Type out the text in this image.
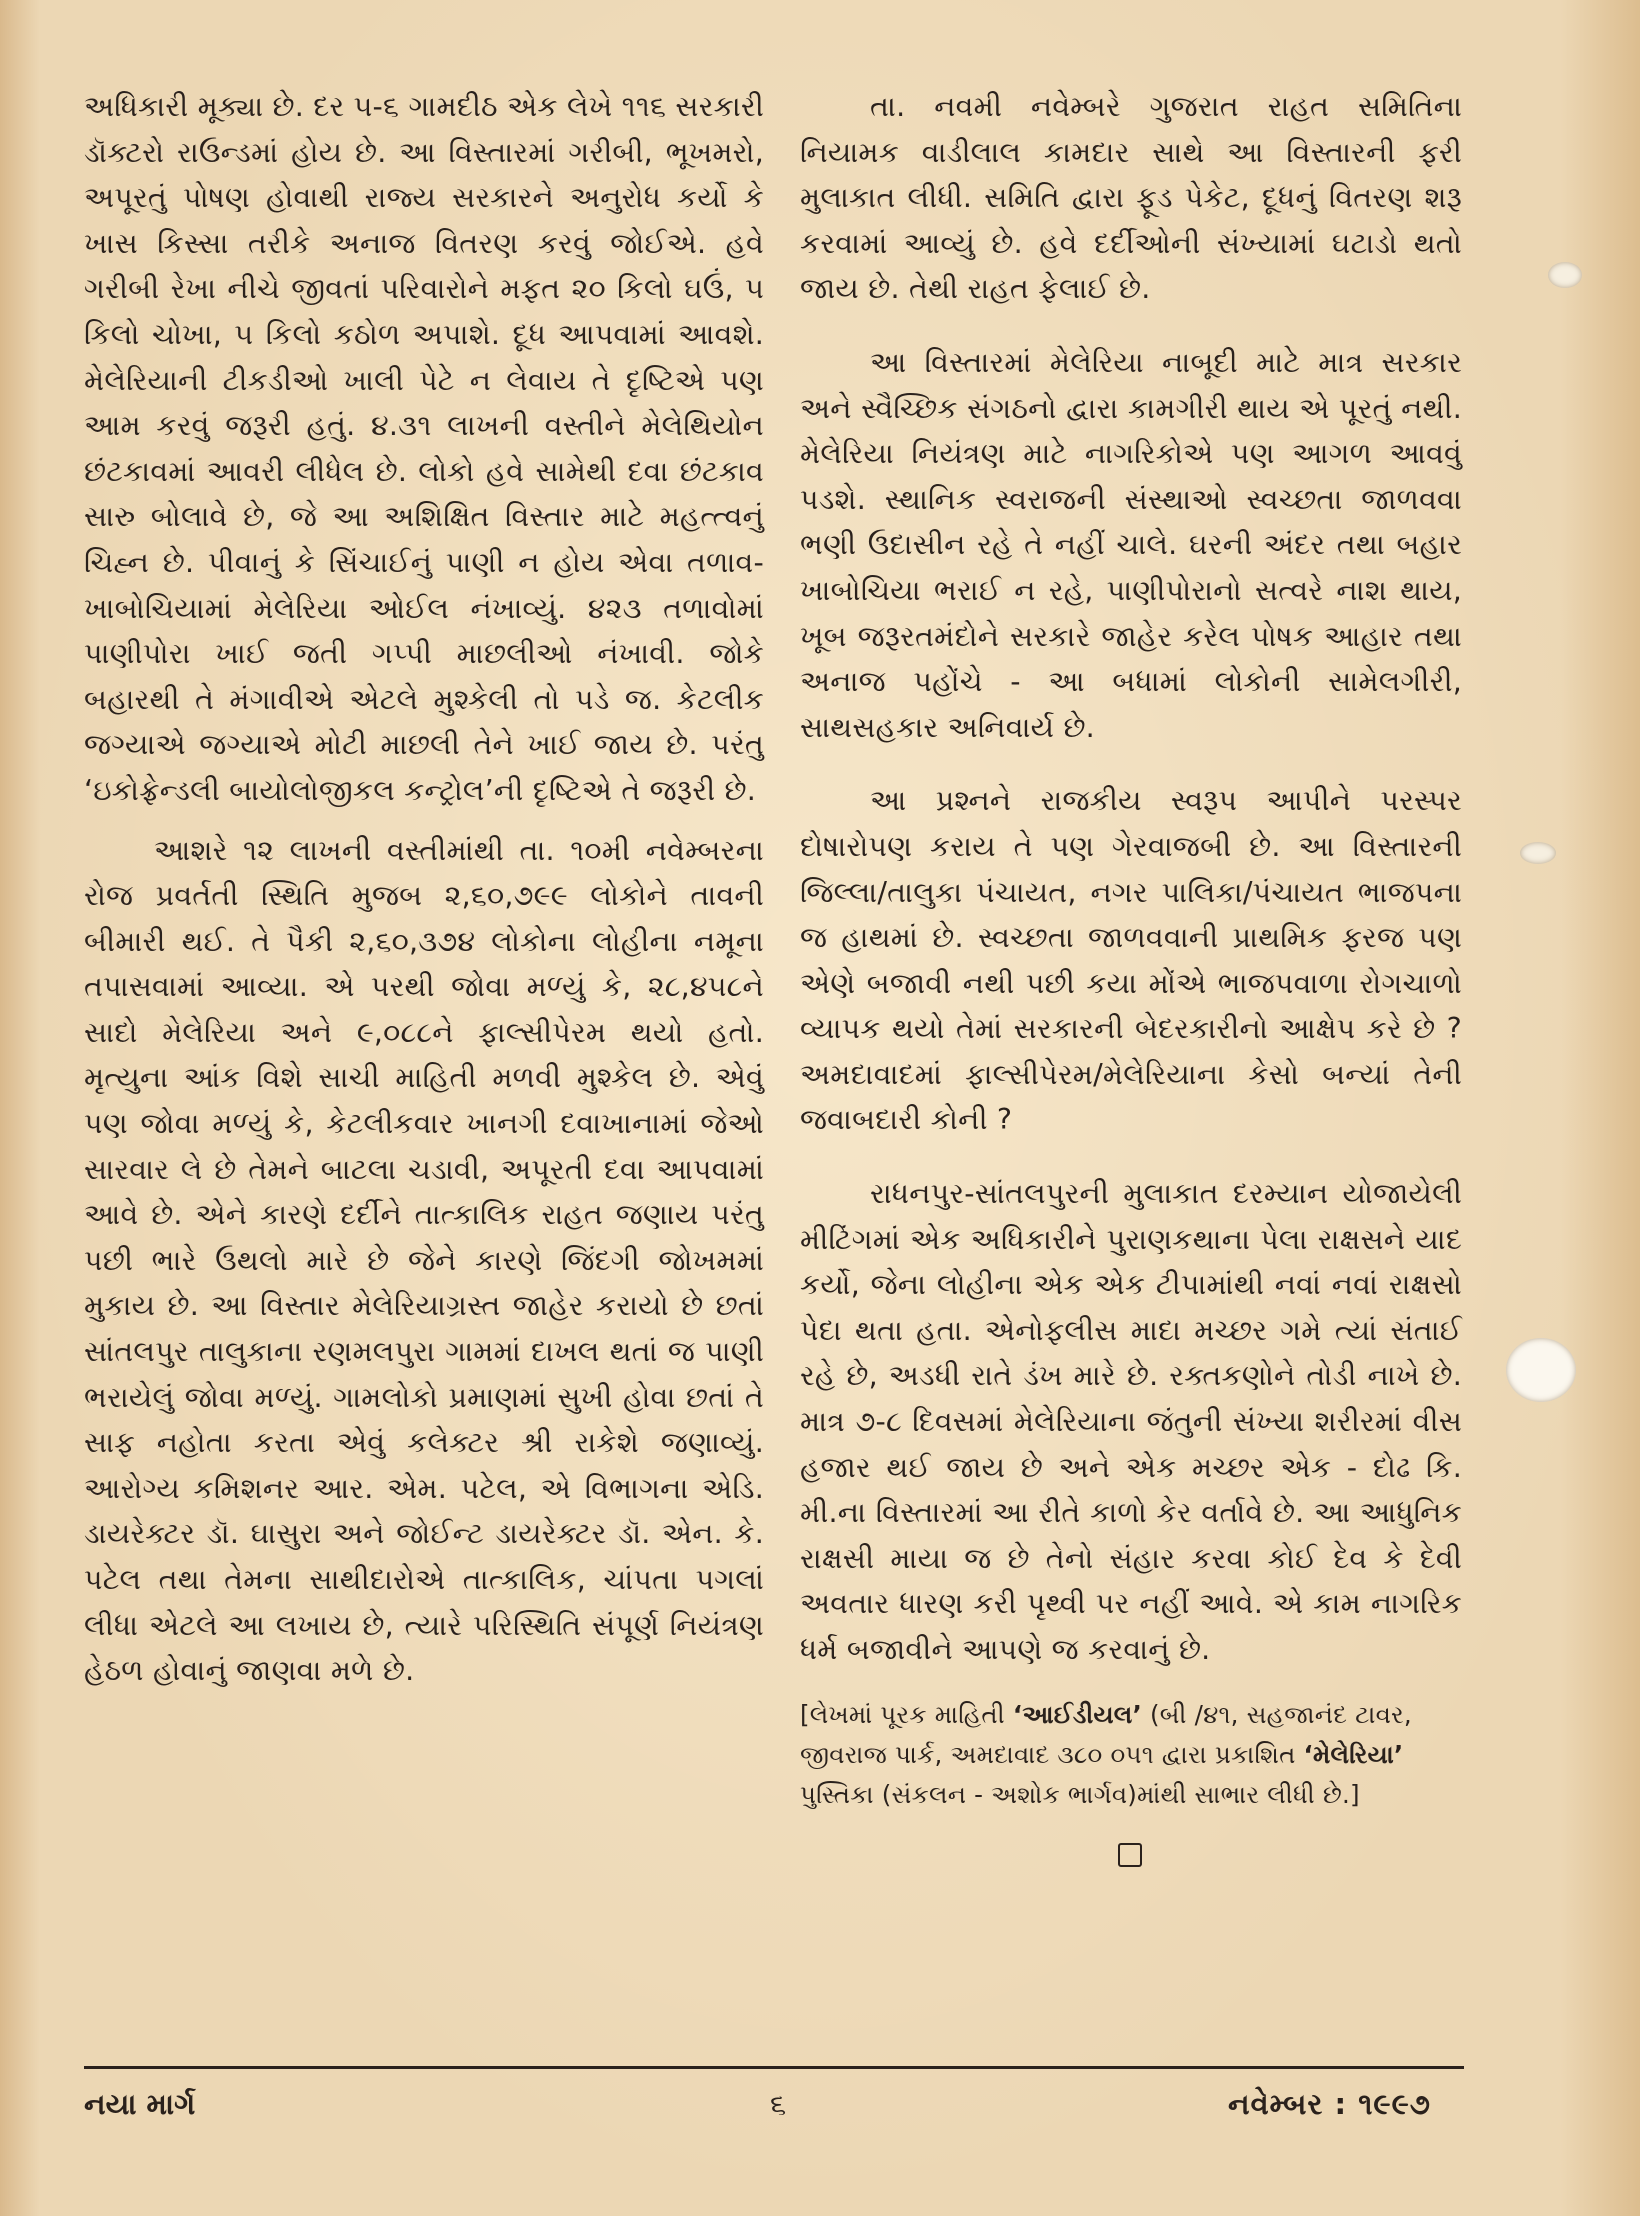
અધિકારી મૂક્યા છે. દર ૫-૬ ગામદીઠ એક લેખે ૧૧૬ સરકારી ડૉક્ટરો રાઉન્ડમાં હોય છે. આ વિસ્તારમાં ગરીબી, ભૂખમરો, અપૂરતું પોષણ હોવાથી રાજ્ય સરકારને અનુરોધ કર્યો કે ખાસ કિસ્સા તરીકે અનાજ વિતરણ કરવું જોઈએ. હવે ગરીબી રેખા નીચે જીવતાં પરિવારોને મફત ૨૦ કિલો ઘઉં, ૫ કિલો ચોખા, ૫ કિલો કઠોળ અપાશે. દૂધ આપવામાં આવશે. મેલેરિયાની ટીકડીઓ ખાલી પેટે ન લેવાય તે દૃષ્ટિએ પણ આમ કરવું જરૂરી હતું. ૪.૩૧ લાખની વસ્તીને મેલેથિયોન છંટકાવમાં આવરી લીધેલ છે. લોકો હવે સામેથી દવા છંટકાવ સારુ બોલાવે છે, જે આ અશિક્ષિત વિસ્તાર માટે મહત્ત્વનું ચિહ્ન છે. પીવાનું કે સિંચાઈનું પાણી ન હોય એવા તળાવ-ખાબોચિયામાં મેલેરિયા ઓઈલ નંખાવ્યું. ૪૨૩ તળાવોમાં પાણીપોરા ખાઈ જતી ગપ્પી માછલીઓ નંખાવી. જોકે બહારથી તે મંગાવીએ એટલે મુશ્કેલી તો પડે જ. કેટલીક જગ્યાએ જગ્યાએ મોટી માછલી તેને ખાઈ જાય છે. પરંતુ ‘ઇકોફ્રેન્ડલી બાયોલોજીકલ કન્ટ્રોલ’ની દૃષ્ટિએ તે જરૂરી છે.

આશરે ૧૨ લાખની વસ્તીમાંથી તા. ૧૦મી નવેમ્બરના રોજ પ્રવર્તતી સ્થિતિ મુજબ ૨,૬૦,૭૯૯ લોકોને તાવની બીમારી થઈ. તે પૈકી ૨,૬૦,૩૭૪ લોકોના લોહીના નમૂના તપાસવામાં આવ્યા. એ પરથી જોવા મળ્યું કે, ૨૮,૪૫૮ને સાદો મેલેરિયા અને ૯,૦૮૮ને ફાલ્સીપેરમ થયો હતો. મૃત્યુના આંક વિશે સાચી માહિતી મળવી મુશ્કેલ છે. એવું પણ જોવા મળ્યું કે, કેટલીકવાર ખાનગી દવાખાનામાં જેઓ સારવાર લે છે તેમને બાટલા ચડાવી, અપૂરતી દવા આપવામાં આવે છે. એને કારણે દર્દીને તાત્કાલિક રાહત જણાય પરંતુ પછી ભારે ઉથલો મારે છે જેને કારણે જિંદગી જોખમમાં મુકાય છે. આ વિસ્તાર મેલેરિયાગ્રસ્ત જાહેર કરાયો છે છતાં સાંતલપુર તાલુકાના રણમલપુરા ગામમાં દાખલ થતાં જ પાણી ભરાયેલું જોવા મળ્યું. ગામલોકો પ્રમાણમાં સુખી હોવા છતાં તે સાફ નહોતા કરતા એવું કલેક્ટર શ્રી રાકેશે જણાવ્યું. આરોગ્ય કમિશનર આર. એમ. પટેલ, એ વિભાગના એડિ. ડાયરેક્ટર ડૉ. ઘાસુરા અને જોઈન્ટ ડાયરેક્ટર ડૉ. એન. કે. પટેલ તથા તેમના સાથીદારોએ તાત્કાલિક, ચાંપતા પગલાં લીધા એટલે આ લખાય છે, ત્યારે પરિસ્થિતિ સંપૂર્ણ નિયંત્રણ હેઠળ હોવાનું જાણવા મળે છે.

તા. નવમી નવેમ્બરે ગુજરાત રાહત સમિતિના નિયામક વાડીલાલ કામદાર સાથે આ વિસ્તારની ફરી મુલાકાત લીધી. સમિતિ દ્વારા ફૂડ પેકેટ, દૂધનું વિતરણ શરૂ કરવામાં આવ્યું છે. હવે દર્દીઓની સંખ્યામાં ઘટાડો થતો જાય છે. તેથી રાહત ફેલાઈ છે.

આ વિસ્તારમાં મેલેરિયા નાબૂદી માટે માત્ર સરકાર અને સ્વૈચ્છિક સંગઠનો દ્વારા કામગીરી થાય એ પૂરતું નથી. મેલેરિયા નિયંત્રણ માટે નાગરિકોએ પણ આગળ આવવું પડશે. સ્થાનિક સ્વરાજની સંસ્થાઓ સ્વચ્છતા જાળવવા ભણી ઉદાસીન રહે તે નહીં ચાલે. ઘરની અંદર તથા બહાર ખાબોચિયા ભરાઈ ન રહે, પાણીપોરાનો સત્વરે નાશ થાય, ખૂબ જરૂરતમંદોને સરકારે જાહેર કરેલ પોષક આહાર તથા અનાજ પહોંચે - આ બધામાં લોકોની સામેલગીરી, સાથસહકાર અનિવાર્ય છે.

આ પ્રશ્નને રાજકીય સ્વરૂપ આપીને પરસ્પર દોષારોપણ કરાય તે પણ ગેરવાજબી છે. આ વિસ્તારની જિલ્લા/તાલુકા પંચાયત, નગર પાલિકા/પંચાયત ભાજપના જ હાથમાં છે. સ્વચ્છતા જાળવવાની પ્રાથમિક ફરજ પણ એણે બજાવી નથી પછી કયા મોંએ ભાજપવાળા રોગચાળો વ્યાપક થયો તેમાં સરકારની બેદરકારીનો આક્ષેપ કરે છે ? અમદાવાદમાં ફાલ્સીપેરમ/મેલેરિયાના કેસો બન્યાં તેની જવાબદારી કોની ?

રાધનપુર-સાંતલપુરની મુલાકાત દરમ્યાન યોજાયેલી મીટિંગમાં એક અધિકારીને પુરાણકથાના પેલા રાક્ષસને યાદ કર્યો, જેના લોહીના એક એક ટીપામાંથી નવાં નવાં રાક્ષસો પેદા થતા હતા. એનોફલીસ માદા મચ્છર ગમે ત્યાં સંતાઈ રહે છે, અડધી રાતે ડંખ મારે છે. રક્તકણોને તોડી નાખે છે. માત્ર ૭-૮ દિવસમાં મેલેરિયાના જંતુની સંખ્યા શરીરમાં વીસ હજાર થઈ જાય છે અને એક મચ્છર એક - દોઢ કિ. મી.ના વિસ્તારમાં આ રીતે કાળો કેર વર્તાવે છે. આ આધુનિક રાક્ષસી માયા જ છે તેનો સંહાર કરવા કોઈ દેવ કે દેવી અવતાર ધારણ કરી પૃથ્વી પર નહીં આવે. એ કામ નાગરિક ધર્મ બજાવીને આપણે જ કરવાનું છે.

[લેખમાં પૂરક માહિતી ‘આઈડીયલ’ (બી /૪૧, સહજાનંદ ટાવર, જીવરાજ પાર્ક, અમદાવાદ ૩૮૦ ૦૫૧ દ્વારા પ્રકાશિત ‘મેલેરિયા’ પુસ્તિકા (સંકલન - અશોક ભાર્ગવ)માંથી સાભાર લીધી છે.]
નયા માર્ગ	૬	નવેમ્બર : ૧૯૯૭
